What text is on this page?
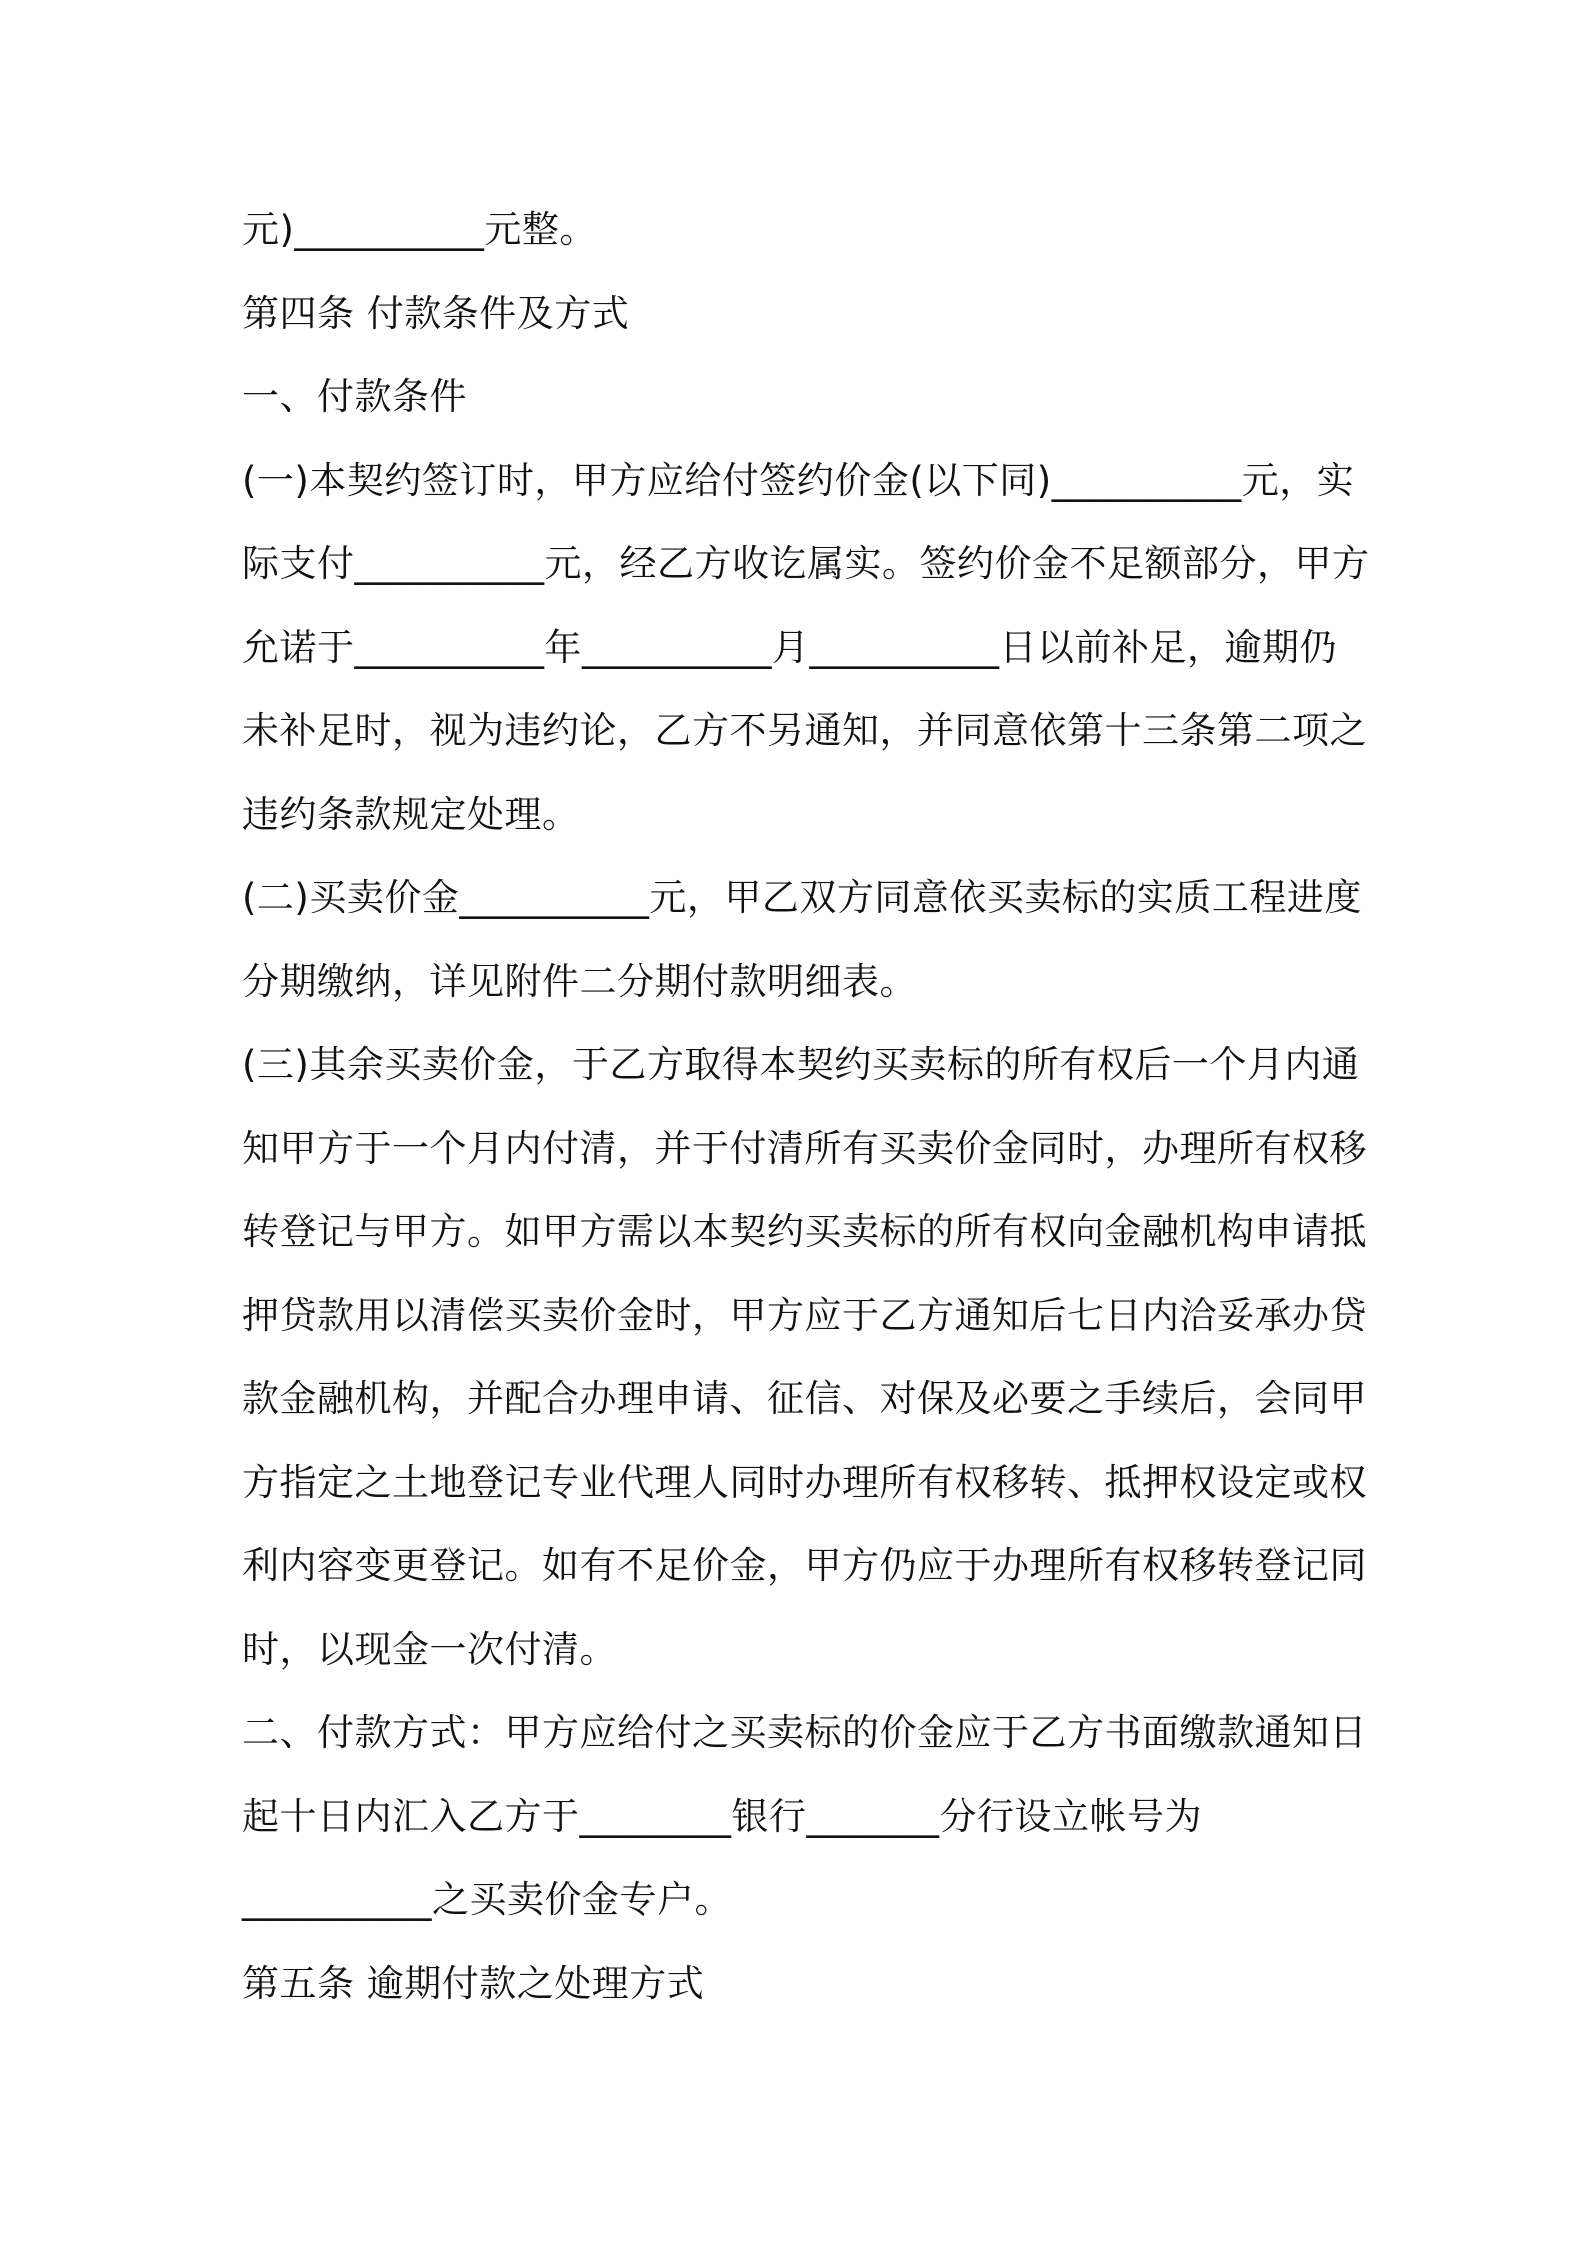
元)__________元整。
第四条 付款条件及方式
一、付款条件
(一)本契约签订时，甲方应给付签约价金(以下同)__________元，实
际支付__________元，经乙方收讫属实。签约价金不足额部分，甲方
允诺于__________年__________月__________日以前补足，逾期仍
未补足时，视为违约论，乙方不另通知，并同意依第十三条第二项之
违约条款规定处理。
(二)买卖价金__________元，甲乙双方同意依买卖标的实质工程进度
分期缴纳，详见附件二分期付款明细表。
(三)其余买卖价金，于乙方取得本契约买卖标的所有权后一个月内通
知甲方于一个月内付清，并于付清所有买卖价金同时，办理所有权移
转登记与甲方。如甲方需以本契约买卖标的所有权向金融机构申请抵
押贷款用以清偿买卖价金时，甲方应于乙方通知后七日内洽妥承办贷
款金融机构，并配合办理申请、征信、对保及必要之手续后，会同甲
方指定之土地登记专业代理人同时办理所有权移转、抵押权设定或权
利内容变更登记。如有不足价金，甲方仍应于办理所有权移转登记同
时，以现金一次付清。
二、付款方式：甲方应给付之买卖标的价金应于乙方书面缴款通知日
起十日内汇入乙方于________银行_______分行设立帐号为
__________之买卖价金专户。
第五条 逾期付款之处理方式
